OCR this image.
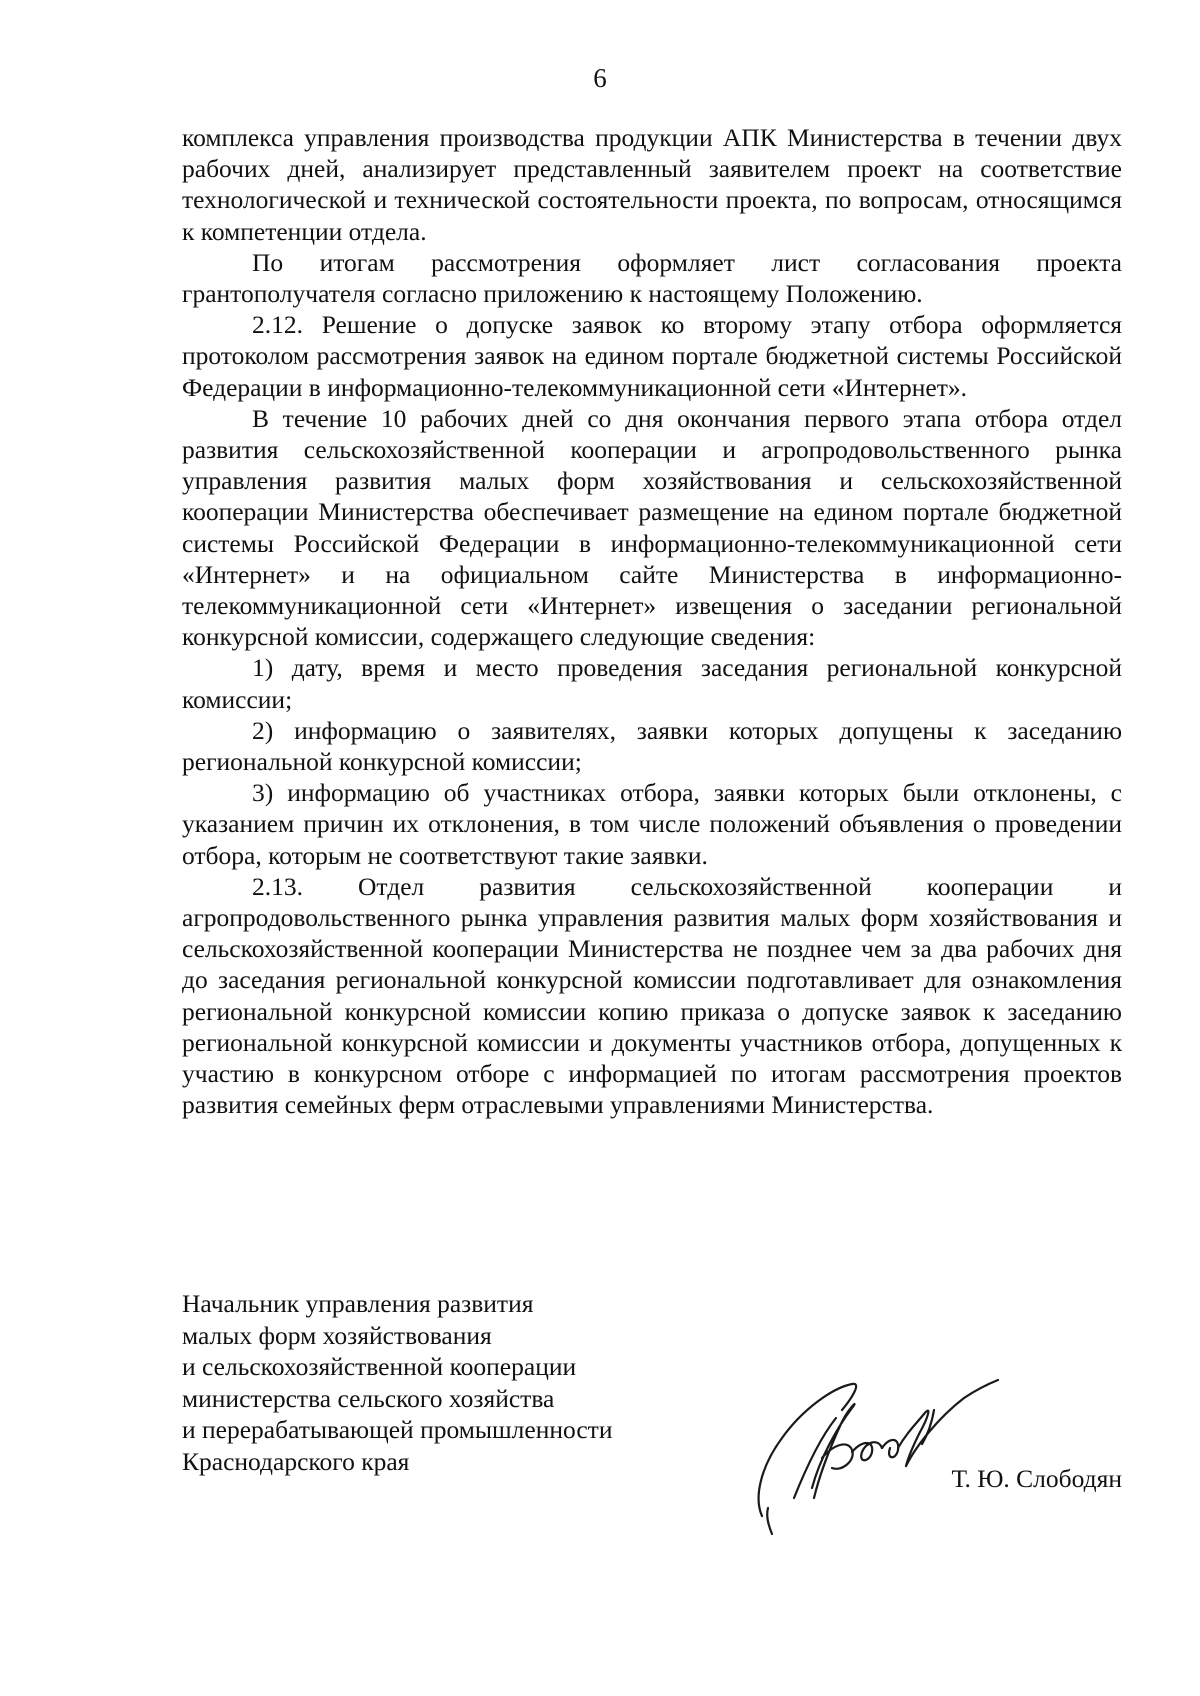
6

комплекса управления производства продукции АПК Министерства в течении двух рабочих дней, анализирует представленный заявителем проект на соответствие технологической и технической состоятельности проекта, по вопросам, относящимся к компетенции отдела.

По итогам рассмотрения оформляет лист согласования проекта грантополучателя согласно приложению к настоящему Положению.

2.12. Решение о допуске заявок ко второму этапу отбора оформляется протоколом рассмотрения заявок на едином портале бюджетной системы Российской Федерации в информационно-телекоммуникационной сети «Интернет».

В течение 10 рабочих дней со дня окончания первого этапа отбора отдел развития сельскохозяйственной кооперации и агропродовольственного рынка управления развития малых форм хозяйствования и сельскохозяйственной кооперации Министерства обеспечивает размещение на едином портале бюджетной системы Российской Федерации в информационно-телекоммуникационной сети «Интернет» и на официальном сайте Министерства в информационно-телекоммуникационной сети «Интернет» извещения о заседании региональной конкурсной комиссии, содержащего следующие сведения:

1) дату, время и место проведения заседания региональной конкурсной комиссии;

2) информацию о заявителях, заявки которых допущены к заседанию региональной конкурсной комиссии;

3) информацию об участниках отбора, заявки которых были отклонены, с указанием причин их отклонения, в том числе положений объявления о проведении отбора, которым не соответствуют такие заявки.

2.13. Отдел развития сельскохозяйственной кооперации и агропродовольственного рынка управления развития малых форм хозяйствования и сельскохозяйственной кооперации Министерства не позднее чем за два рабочих дня до заседания региональной конкурсной комиссии подготавливает для ознакомления региональной конкурсной комиссии копию приказа о допуске заявок к заседанию региональной конкурсной комиссии и документы участников отбора, допущенных к участию в конкурсном отборе с информацией по итогам рассмотрения проектов развития семейных ферм отраслевыми управлениями Министерства.

Начальник управления развития
малых форм хозяйствования
и сельскохозяйственной кооперации
министерства сельского хозяйства
и перерабатывающей промышленности
Краснодарского края
Т. Ю. Слободян
